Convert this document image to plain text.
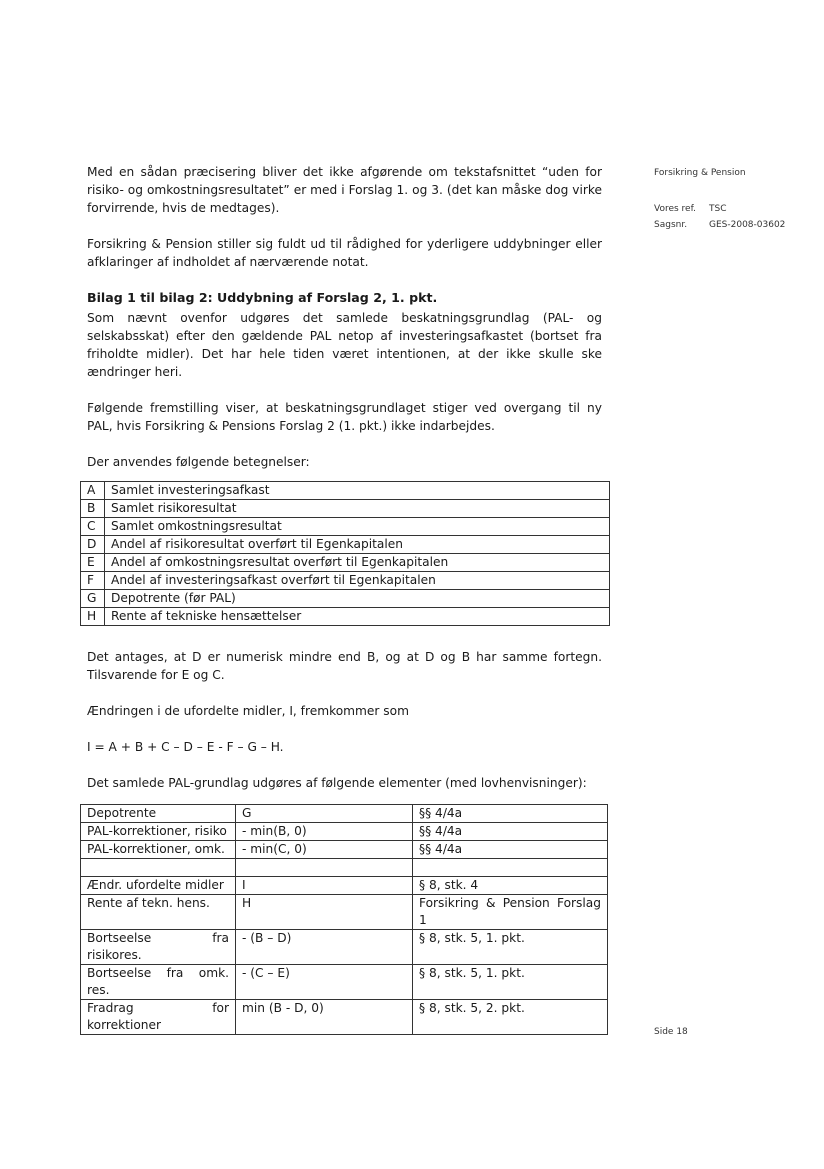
Forsikring & Pension
Vores ref.	TSC
Sagsnr.	GES-2008-03602
Side 18

Med en sådan præcisering bliver det ikke afgørende om tekstafsnittet “uden for risiko- og omkostningsresultatet” er med i Forslag 1. og 3. (det kan måske dog virke forvirrende, hvis de medtages).

Forsikring & Pension stiller sig fuldt ud til rådighed for yderligere uddybninger eller afklaringer af indholdet af nærværende notat.

Bilag 1 til bilag 2: Uddybning af Forslag 2, 1. pkt.

Som nævnt ovenfor udgøres det samlede beskatningsgrundlag (PAL- og selskabsskat) efter den gældende PAL netop af investeringsafkastet (bortset fra friholdte midler). Det har hele tiden været intentionen, at der ikke skulle ske ændringer heri.

Følgende fremstilling viser, at beskatningsgrundlaget stiger ved overgang til ny PAL, hvis Forsikring & Pensions Forslag 2 (1. pkt.) ikke indarbejdes.

Der anvendes følgende betegnelser:

A	Samlet investeringsafkast
B	Samlet risikoresultat
C	Samlet omkostningsresultat
D	Andel af risikoresultat overført til Egenkapitalen
E	Andel af omkostningsresultat overført til Egenkapitalen
F	Andel af investeringsafkast overført til Egenkapitalen
G	Depotrente (før PAL)
H	Rente af tekniske hensættelser

Det antages, at D er numerisk mindre end B, og at D og B har samme fortegn. Tilsvarende for E og C.

Ændringen i de ufordelte midler, I, fremkommer som

I = A + B + C – D – E - F – G – H.

Det samlede PAL-grundlag udgøres af følgende elementer (med lovhenvisninger):

Depotrente	G	§§ 4/4a
PAL-korrektioner, risiko	- min(B, 0)	§§ 4/4a
PAL-korrektioner, omk.	- min(C, 0)	§§ 4/4a

Ændr. ufordelte midler	I	§ 8, stk. 4
Rente af tekn. hens.	H	Forsikring & Pension Forslag 1
Bortseelse fra risikores.	- (B – D)	§ 8, stk. 5, 1. pkt.
Bortseelse fra omk. res.	- (C – E)	§ 8, stk. 5, 1. pkt.
Fradrag for korrektioner	min (B - D, 0)	§ 8, stk. 5, 2. pkt.
